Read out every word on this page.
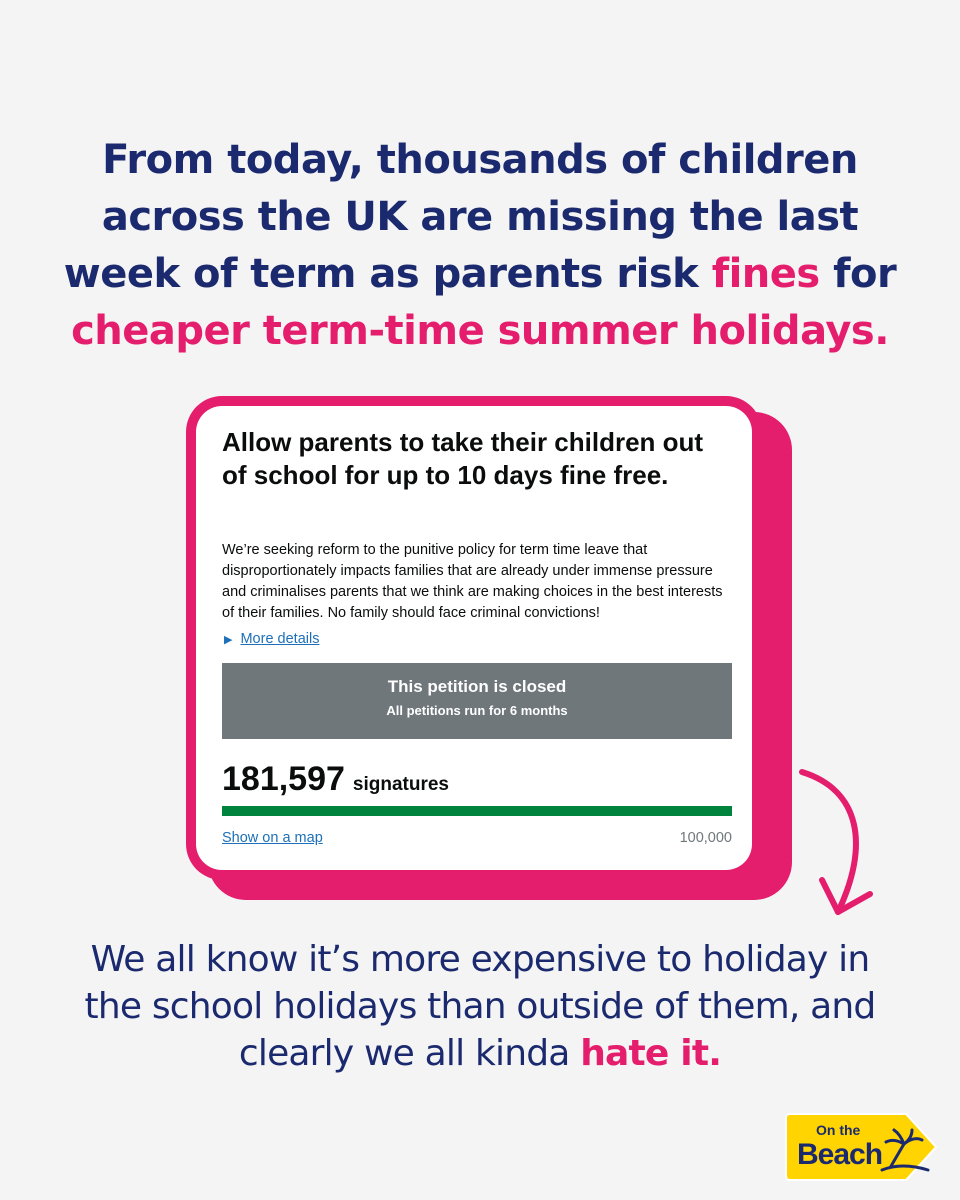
From today, thousands of children
across the UK are missing the last
week of term as parents risk fines for
cheaper term-time summer holidays.
Allow parents to take their children out of school for up to 10 days fine free.
We’re seeking reform to the punitive policy for term time leave that disproportionately impacts families that are already under immense pressure and criminalises parents that we think are making choices in the best interests of their families. No family should face criminal convictions!
▶ More details
This petition is closed
All petitions run for 6 months
181,597 signatures
Show on a map	100,000
We all know it’s more expensive to holiday in
the school holidays than outside of them, and
clearly we all kinda hate it.
On the
Beach
